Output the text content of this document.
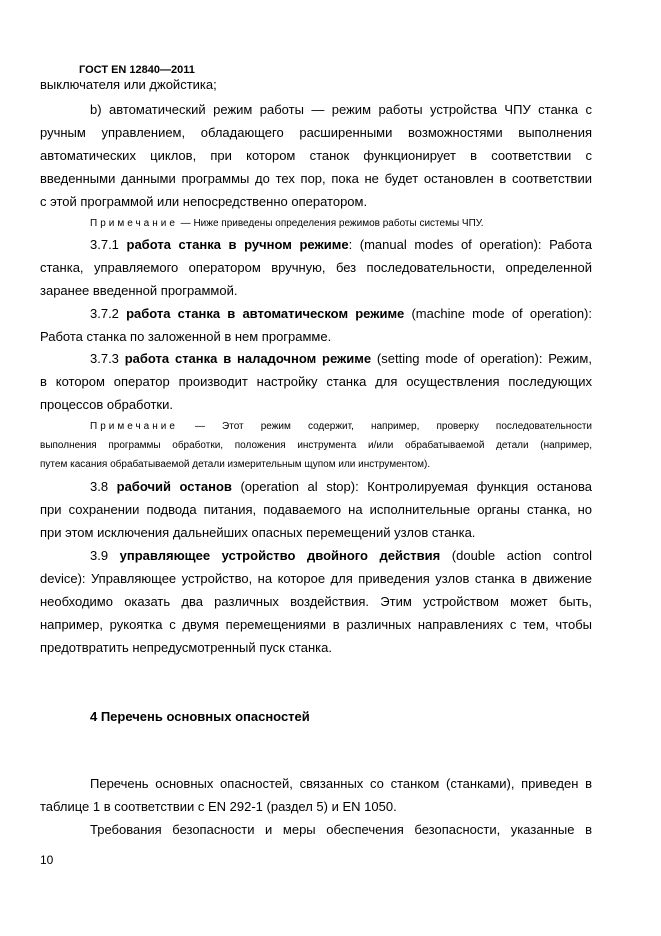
ГОСТ EN 12840—2011
выключателя или джойстика;
b) автоматический режим работы — режим работы устройства ЧПУ станка с
ручным управлением, обладающего расширенными возможностями выполнения
автоматических циклов, при котором станок функционирует в соответствии с
введенными данными программы до тех пор, пока не будет остановлен в соответствии
с этой программой или непосредственно оператором.
Примечание — Ниже приведены определения режимов работы системы ЧПУ.
3.7.1 работа станка в ручном режиме: (manual modes of operation): Работа
станка, управляемого оператором вручную, без последовательности, определенной
заранее введенной программой.
3.7.2 работа станка в автоматическом режиме (machine mode of operation):
Работа станка по заложенной в нем программе.
3.7.3 работа станка в наладочном режиме (setting mode of operation): Режим,
в котором оператор производит настройку станка для осуществления последующих
процессов обработки.
Примечание — Этот режим содержит, например, проверку последовательности
выполнения программы обработки, положения инструмента и/или обрабатываемой детали (например,
путем касания обрабатываемой детали измерительным щупом или инструментом).
3.8 рабочий останов (operation al stop): Контролируемая функция останова
при сохранении подвода питания, подаваемого на исполнительные органы станка, но
при этом исключения дальнейших опасных перемещений узлов станка.
3.9 управляющее устройство двойного действия (double action control
device): Управляющее устройство, на которое для приведения узлов станка в движение
необходимо оказать два различных воздействия. Этим устройством может быть,
например, рукоятка с двумя перемещениями в различных направлениях с тем, чтобы
предотвратить непредусмотренный пуск станка.
4 Перечень основных опасностей
Перечень основных опасностей, связанных со станком (станками), приведен в
таблице 1 в соответствии с EN 292-1 (раздел 5) и EN 1050.
Требования безопасности и меры обеспечения безопасности, указанные в
10
